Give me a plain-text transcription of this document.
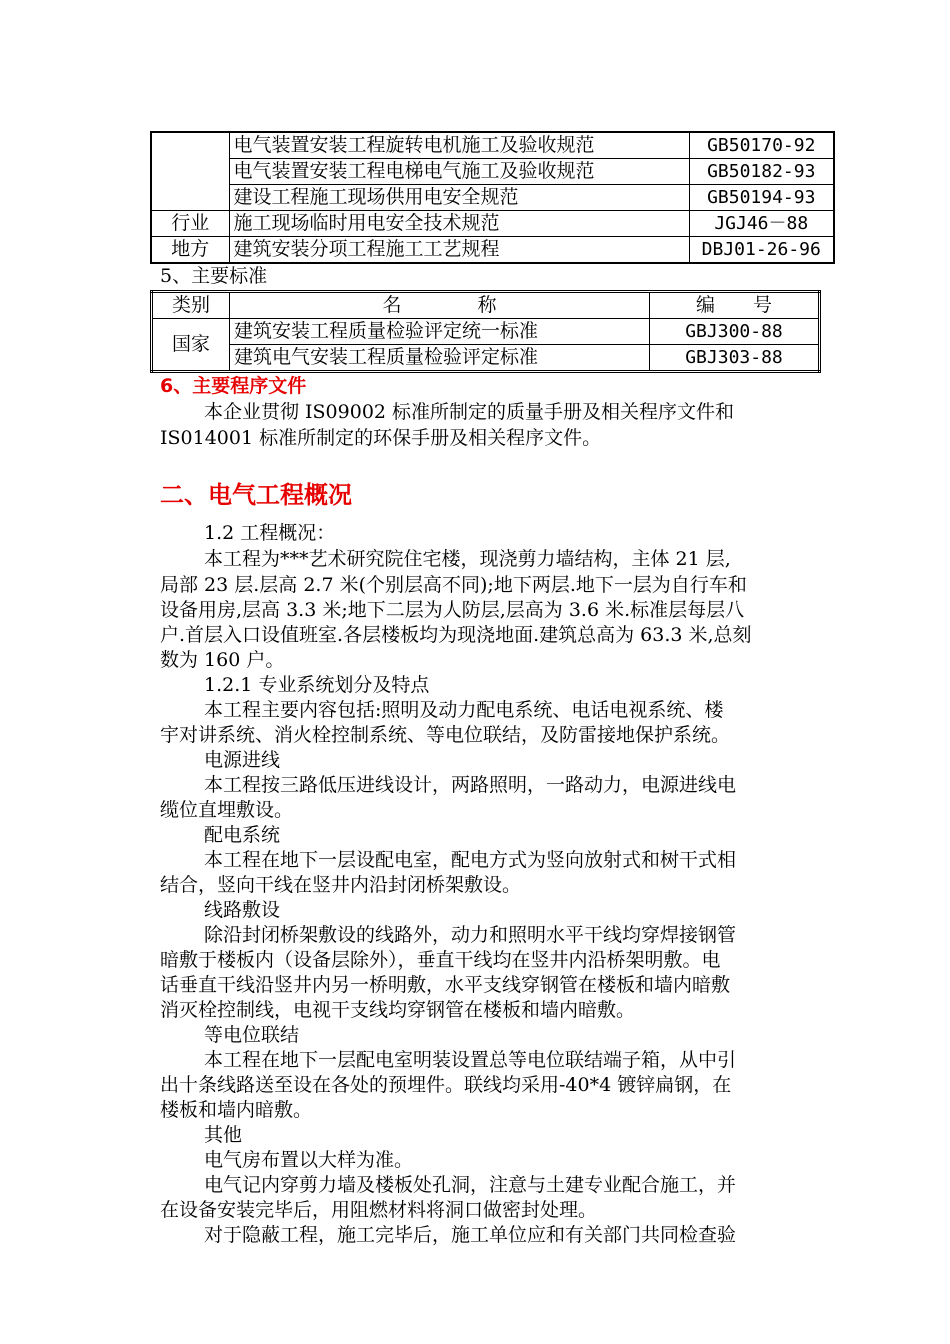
	电气装置安装工程旋转电机施工及验收规范	GB50170-92
	电气装置安装工程电梯电气施工及验收规范	GB50182-93
	建设工程施工现场供用电安全规范	GB50194-93
行业	施工现场临时用电安全技术规范	JGJ46－88
地方	建筑安装分项工程施工工艺规程	DBJ01-26-96
5、主要标准
类别	名　　　　称	编　　号
国家	建筑安装工程质量检验评定统一标准	GBJ300-88
	建筑电气安装工程质量检验评定标准	GBJ303-88
6、主要程序文件
本企业贯彻 IS09002 标准所制定的质量手册及相关程序文件和
IS014001 标准所制定的环保手册及相关程序文件。
二、电气工程概况
1.2 工程概况：
本工程为***艺术研究院住宅楼，现浇剪力墙结构，主体 21 层,
局部 23 层.层高 2.7 米(个别层高不同);地下两层.地下一层为自行车和
设备用房,层高 3.3 米;地下二层为人防层,层高为 3.6 米.标准层每层八
户.首层入口设值班室.各层楼板均为现浇地面.建筑总高为 63.3 米,总刻
数为 160 户。
1.2.1 专业系统划分及特点
本工程主要内容包括:照明及动力配电系统、电话电视系统、楼
宇对讲系统、消火栓控制系统、等电位联结，及防雷接地保护系统。
电源进线
本工程按三路低压进线设计，两路照明，一路动力，电源进线电
缆位直埋敷设。
配电系统
本工程在地下一层设配电室，配电方式为竖向放射式和树干式相
结合，竖向干线在竖井内沿封闭桥架敷设。
线路敷设
除沿封闭桥架敷设的线路外，动力和照明水平干线均穿焊接钢管
暗敷于楼板内（设备层除外），垂直干线均在竖井内沿桥架明敷。电
话垂直干线沿竖井内另一桥明敷，水平支线穿钢管在楼板和墙内暗敷
消灭栓控制线，电视干支线均穿钢管在楼板和墙内暗敷。
等电位联结
本工程在地下一层配电室明装设置总等电位联结端子箱，从中引
出十条线路送至设在各处的预埋件。联线均采用-40*4 镀锌扁钢，在
楼板和墙内暗敷。
其他
电气房布置以大样为准。
电气记内穿剪力墙及楼板处孔洞，注意与土建专业配合施工，并
在设备安装完毕后，用阻燃材料将洞口做密封处理。
对于隐蔽工程，施工完毕后，施工单位应和有关部门共同检查验
